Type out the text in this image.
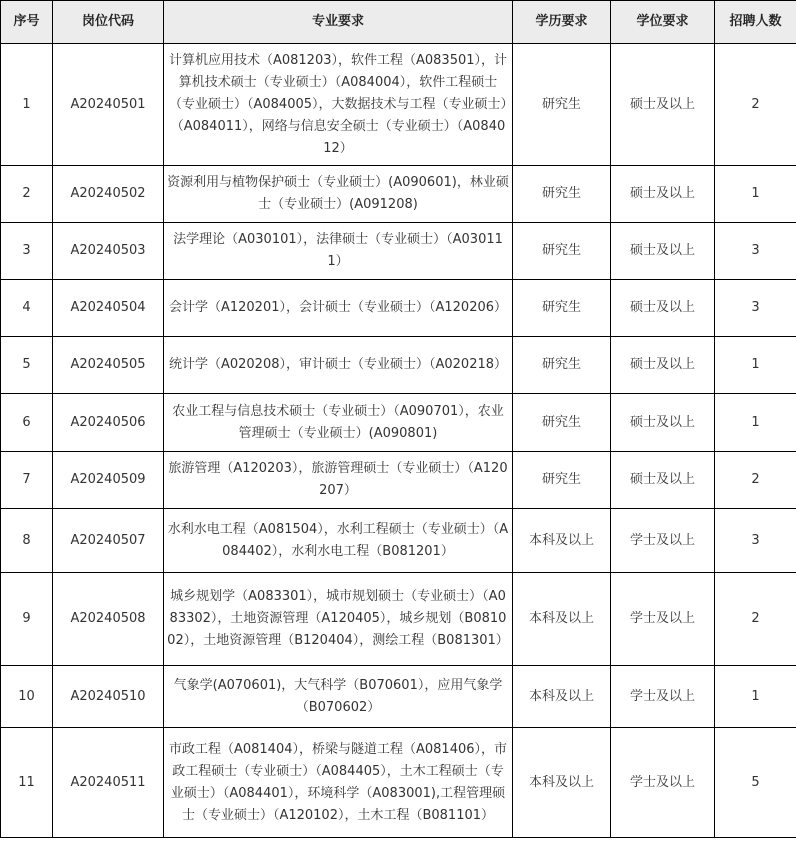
序号	岗位代码	专业要求	学历要求	学位要求	招聘人数
1	A20240501	计算机应用技术（A081203），软件工程（A083501），计算机技术硕士（专业硕士）（A084004），软件工程硕士（专业硕士）（A084005），大数据技术与工程（专业硕士）（A084011），网络与信息安全硕士（专业硕士）（A084012）	研究生	硕士及以上	2
2	A20240502	资源利用与植物保护硕士（专业硕士）(A090601)，林业硕士（专业硕士）(A091208)	研究生	硕士及以上	1
3	A20240503	法学理论（A030101），法律硕士（专业硕士）（A030111）	研究生	硕士及以上	3
4	A20240504	会计学（A120201），会计硕士（专业硕士）（A120206）	研究生	硕士及以上	3
5	A20240505	统计学（A020208），审计硕士（专业硕士）（A020218）	研究生	硕士及以上	1
6	A20240506	农业工程与信息技术硕士（专业硕士）（A090701），农业管理硕士（专业硕士）(A090801)	研究生	硕士及以上	1
7	A20240509	旅游管理（A120203），旅游管理硕士（专业硕士）（A120207）	研究生	硕士及以上	2
8	A20240507	水利水电工程（A081504），水利工程硕士（专业硕士）（A084402），水利水电工程（B081201）	本科及以上	学士及以上	3
9	A20240508	城乡规划学（A083301），城市规划硕士（专业硕士）（A083302），土地资源管理（A120405），城乡规划（B081002），土地资源管理（B120404），测绘工程（B081301）	本科及以上	学士及以上	2
10	A20240510	气象学(A070601)，大气科学（B070601），应用气象学（B070602）	本科及以上	学士及以上	1
11	A20240511	市政工程（A081404），桥梁与隧道工程（A081406），市政工程硕士（专业硕士）（A084405），土木工程硕士（专业硕士）（A084401），环境科学（A083001),工程管理硕士（专业硕士）（A120102），土木工程（B081101）	本科及以上	学士及以上	5
